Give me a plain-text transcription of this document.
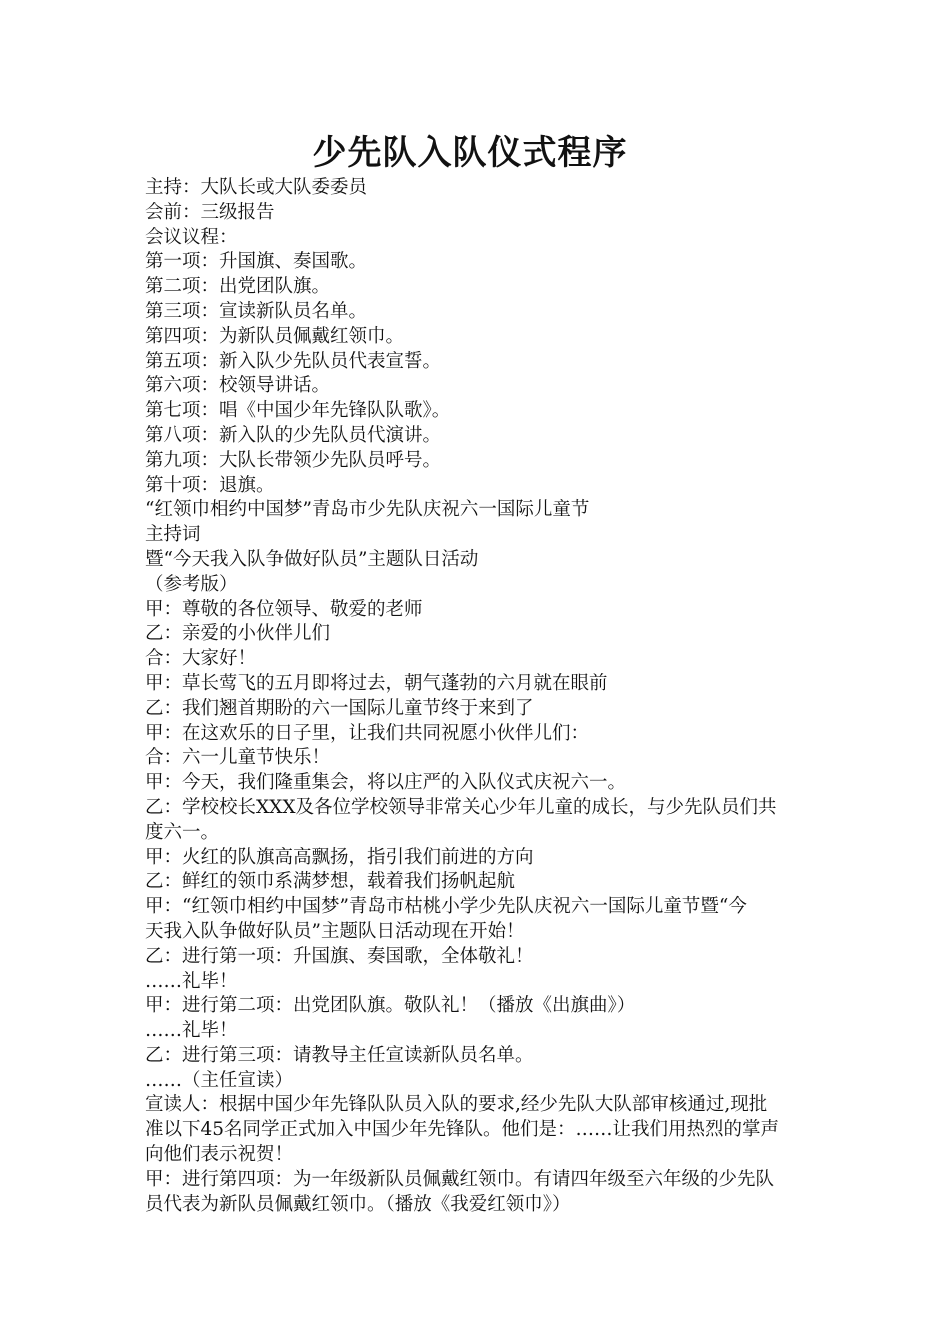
少先队入队仪式程序
主持：大队长或大队委委员
会前：三级报告
会议议程：
第一项：升国旗、奏国歌。
第二项：出党团队旗。
第三项：宣读新队员名单。
第四项：为新队员佩戴红领巾。
第五项：新入队少先队员代表宣誓。
第六项：校领导讲话。
第七项：唱《中国少年先锋队队歌》。
第八项：新入队的少先队员代演讲。
第九项：大队长带领少先队员呼号。
第十项：退旗。
“红领巾相约中国梦”青岛市少先队庆祝六一国际儿童节
主持词
暨“今天我入队争做好队员”主题队日活动
（参考版）
甲：尊敬的各位领导、敬爱的老师
乙：亲爱的小伙伴儿们
合：大家好！
甲：草长莺飞的五月即将过去，朝气蓬勃的六月就在眼前
乙：我们翘首期盼的六一国际儿童节终于来到了
甲：在这欢乐的日子里，让我们共同祝愿小伙伴儿们：
合：六一儿童节快乐！
甲：今天，我们隆重集会，将以庄严的入队仪式庆祝六一。
乙：学校校长XXX及各位学校领导非常关心少年儿童的成长，与少先队员们共
度六一。
甲：火红的队旗高高飘扬，指引我们前进的方向
乙：鲜红的领巾系满梦想，载着我们扬帆起航
甲：“红领巾相约中国梦”青岛市枯桃小学少先队庆祝六一国际儿童节暨“今
天我入队争做好队员”主题队日活动现在开始！
乙：进行第一项：升国旗、奏国歌，全体敬礼！
……礼毕！
甲：进行第二项：出党团队旗。敬队礼！（播放《出旗曲》）
……礼毕！
乙：进行第三项：请教导主任宣读新队员名单。
……（主任宣读）
宣读人：根据中国少年先锋队队员入队的要求,经少先队大队部审核通过,现批
准以下45名同学正式加入中国少年先锋队。他们是：……让我们用热烈的掌声
向他们表示祝贺！
甲：进行第四项：为一年级新队员佩戴红领巾。有请四年级至六年级的少先队
员代表为新队员佩戴红领巾。（播放《我爱红领巾》）
